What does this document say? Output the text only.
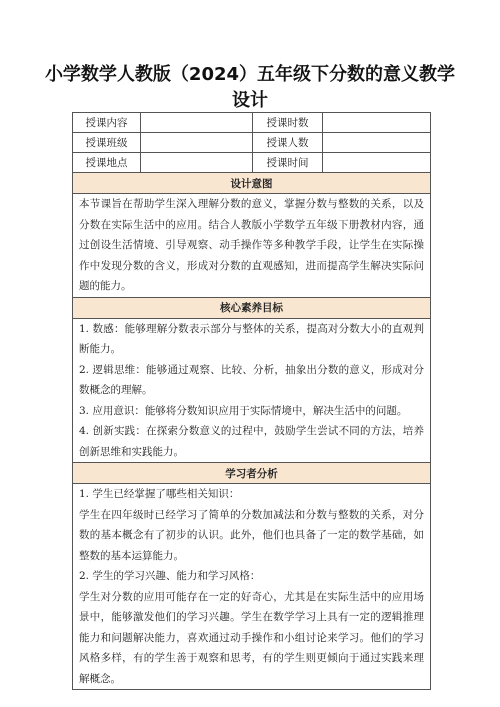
小学数学人教版（2024）五年级下分数的意义教学设计
授课内容		授课时数	
授课班级		授课人数	
授课地点		授课时间	
设计意图			

本节课旨在帮助学生深入理解分数的意义，掌握分数与整数的关系，以及分数在实际生活中的应用。结合人教版小学数学五年级下册教材内容，通过创设生活情境、引导观察、动手操作等多种教学手段，让学生在实际操作中发现分数的含义，形成对分数的直观感知，进而提高学生解决实际问题的能力。			

核心素养目标			

1. 数感：能够理解分数表示部分与整体的关系，提高对分数大小的直观判断能力。

2. 逻辑思维：能够通过观察、比较、分析，抽象出分数的意义，形成对分数概念的理解。

3. 应用意识：能够将分数知识应用于实际情境中，解决生活中的问题。

4. 创新实践：在探索分数意义的过程中，鼓励学生尝试不同的方法，培养创新思维和实践能力。			

学习者分析			

1. 学生已经掌握了哪些相关知识：

学生在四年级时已经学习了简单的分数加减法和分数与整数的关系，对分数的基本概念有了初步的认识。此外，他们也具备了一定的数学基础，如整数的基本运算能力。

2. 学生的学习兴趣、能力和学习风格：

学生对分数的应用可能存在一定的好奇心，尤其是在实际生活中的应用场景中，能够激发他们的学习兴趣。学生在数学学习上具有一定的逻辑推理能力和问题解决能力，喜欢通过动手操作和小组讨论来学习。他们的学习风格多样，有的学生善于观察和思考，有的学生则更倾向于通过实践来理解概念。			
